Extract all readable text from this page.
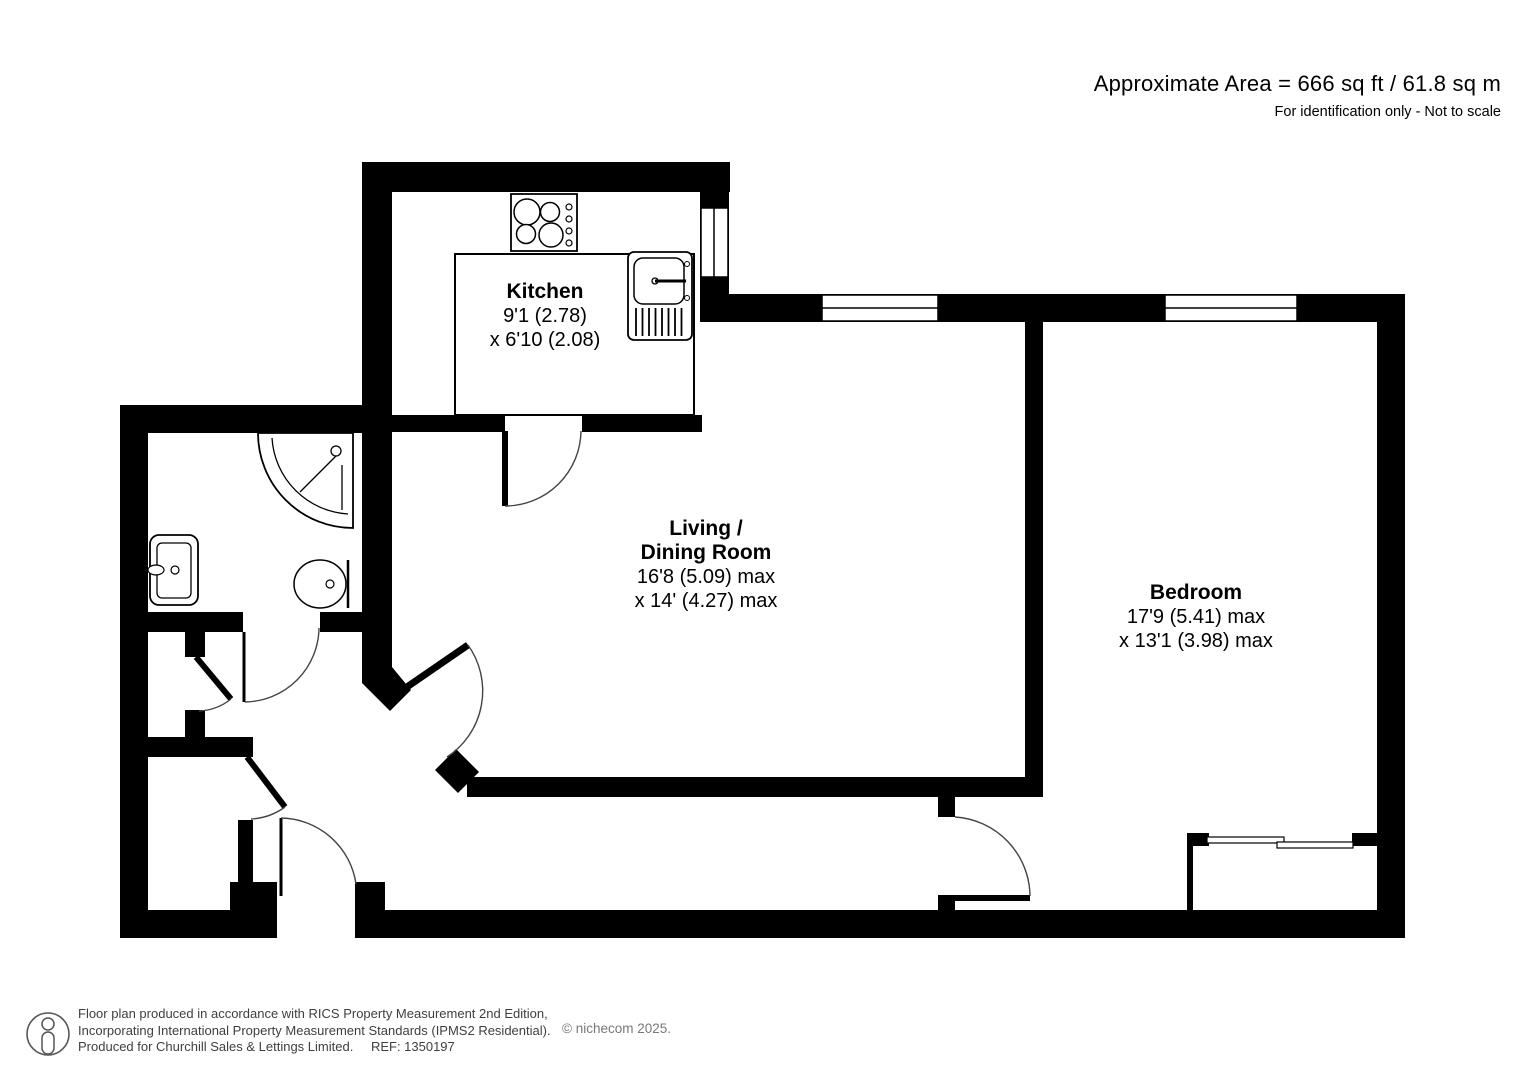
Approximate Area = 666 sq ft / 61.8 sq m
For identification only - Not to scale
Kitchen
9'1 (2.78)
x 6'10 (2.08)
Living /
Dining Room
16'8 (5.09) max
x 14' (4.27) max	Bedroom
17'9 (5.41) max
x 13'1 (3.98) max
Floor plan produced in accordance with RICS Property Measurement 2nd Edition,
Incorporating International Property Measurement Standards (IPMS2 Residential).
Produced for Churchill Sales & Lettings Limited. REF: 1350197
© nichecom 2025.
